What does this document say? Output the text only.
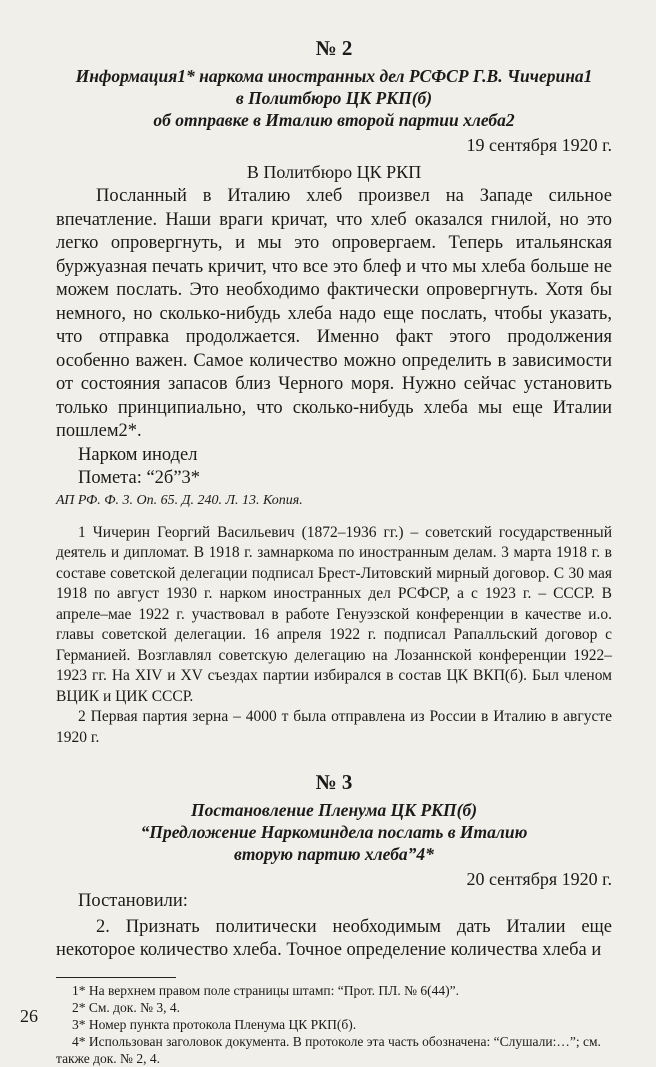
№ 2
Информация1* наркома иностранных дел РСФСР Г.В. Чичерина1
в Политбюро ЦК РКП(б)
об отправке в Италию второй партии хлеба2
19 сентября 1920 г.
В Политбюро ЦК РКП

Посланный в Италию хлеб произвел на Западе сильное впечатление. Наши враги кричат, что хлеб оказался гнилой, но это легко опровергнуть, и мы это опровергаем. Теперь итальянская буржуазная печать кричит, что все это блеф и что мы хлеба больше не можем послать. Это необходимо фактически опровергнуть. Хотя бы немного, но сколько-нибудь хлеба надо еще послать, чтобы указать, что отправка продолжается. Именно факт этого продолжения особенно важен. Самое количество можно определить в зависимости от состояния запасов близ Черного моря. Нужно сейчас установить только принципиально, что сколько-нибудь хлеба мы еще Италии пошлем2*.

Нарком инодел
Помета: “2б”3*
АП РФ. Ф. 3. Оп. 65. Д. 240. Л. 13. Копия.

1 Чичерин Георгий Васильевич (1872–1936 гг.) – советский государственный деятель и дипломат. В 1918 г. замнаркома по иностранным делам. 3 марта 1918 г. в составе советской делегации подписал Брест-Литовский мирный договор. С 30 мая 1918 по август 1930 г. нарком иностранных дел РСФСР, а с 1923 г. – СССР. В апреле–мае 1922 г. участвовал в работе Генуэзской конференции в качестве и.о. главы советской делегации. 16 апреля 1922 г. подписал Рапалльский договор с Германией. Возглавлял советскую делегацию на Лозаннской конференции 1922–1923 гг. На XIV и XV съездах партии избирался в состав ЦК ВКП(б). Был членом ВЦИК и ЦИК СССР.

2 Первая партия зерна – 4000 т была отправлена из России в Италию в августе 1920 г.

№ 3
Постановление Пленума ЦК РКП(б)
“Предложение Наркоминдела послать в Италию
вторую партию хлеба”4*
20 сентября 1920 г.
Постановили:

2. Признать политически необходимым дать Италии еще некоторое количество хлеба. Точное определение количества хлеба и

1* На верхнем правом поле страницы штамп: “Прот. ПЛ. № 6(44)”.

2* См. док. № 3, 4.

3* Номер пункта протокола Пленума ЦК РКП(б).

4* Использован заголовок документа. В протоколе эта часть обозначена: “Слушали:…”; см. также док. № 2, 4.

26
